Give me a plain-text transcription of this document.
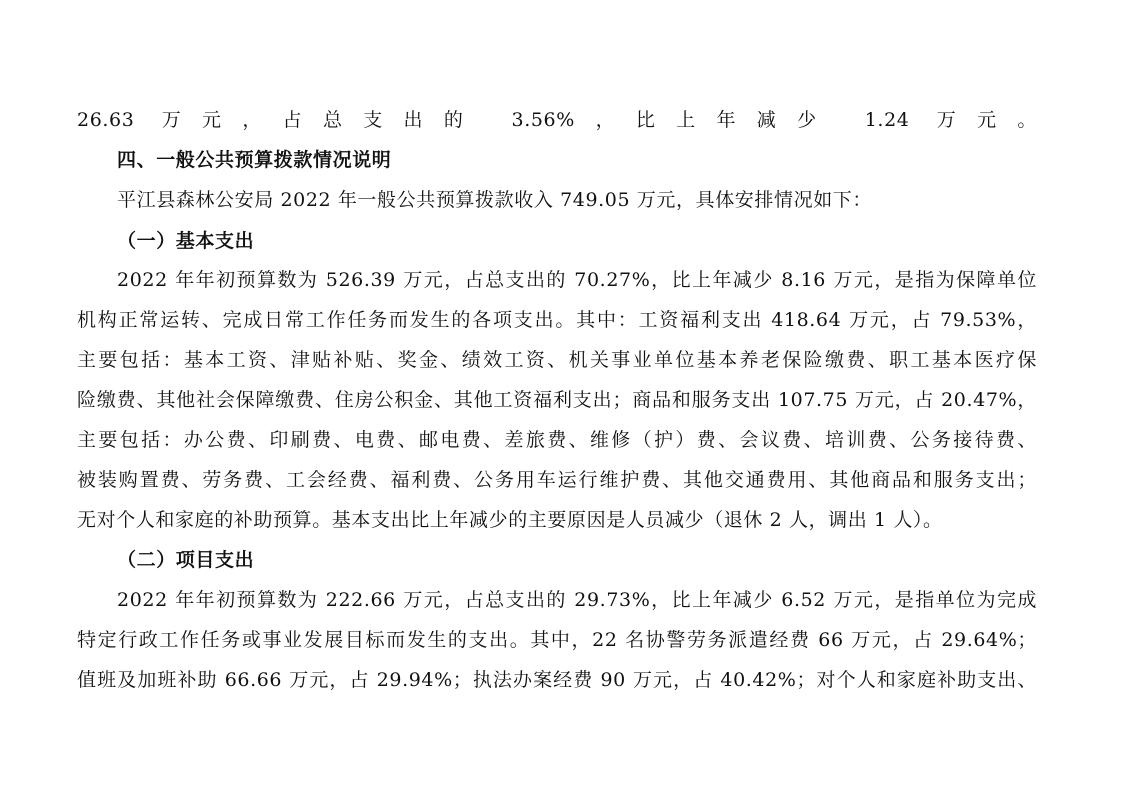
26.63 万元，占总支出的 3.56%，比上年减少 1.24 万元。
四、一般公共预算拨款情况说明
平江县森林公安局 2022 年一般公共预算拨款收入 749.05 万元，具体安排情况如下：
（一）基本支出
2022 年年初预算数为 526.39 万元，占总支出的 70.27%，比上年减少 8.16 万元，是指为保障单位
机构正常运转、完成日常工作任务而发生的各项支出。其中：工资福利支出 418.64 万元，占 79.53%，
主要包括：基本工资、津贴补贴、奖金、绩效工资、机关事业单位基本养老保险缴费、职工基本医疗保
险缴费、其他社会保障缴费、住房公积金、其他工资福利支出；商品和服务支出 107.75 万元，占 20.47%，
主要包括：办公费、印刷费、电费、邮电费、差旅费、维修（护）费、会议费、培训费、公务接待费、
被装购置费、劳务费、工会经费、福利费、公务用车运行维护费、其他交通费用、其他商品和服务支出；
无对个人和家庭的补助预算。基本支出比上年减少的主要原因是人员减少（退休 2 人，调出 1 人）。
（二）项目支出
2022 年年初预算数为 222.66 万元，占总支出的 29.73%，比上年减少 6.52 万元，是指单位为完成
特定行政工作任务或事业发展目标而发生的支出。其中，22 名协警劳务派遣经费 66 万元，占 29.64%；
值班及加班补助 66.66 万元，占 29.94%；执法办案经费 90 万元，占 40.42%；对个人和家庭补助支出、
